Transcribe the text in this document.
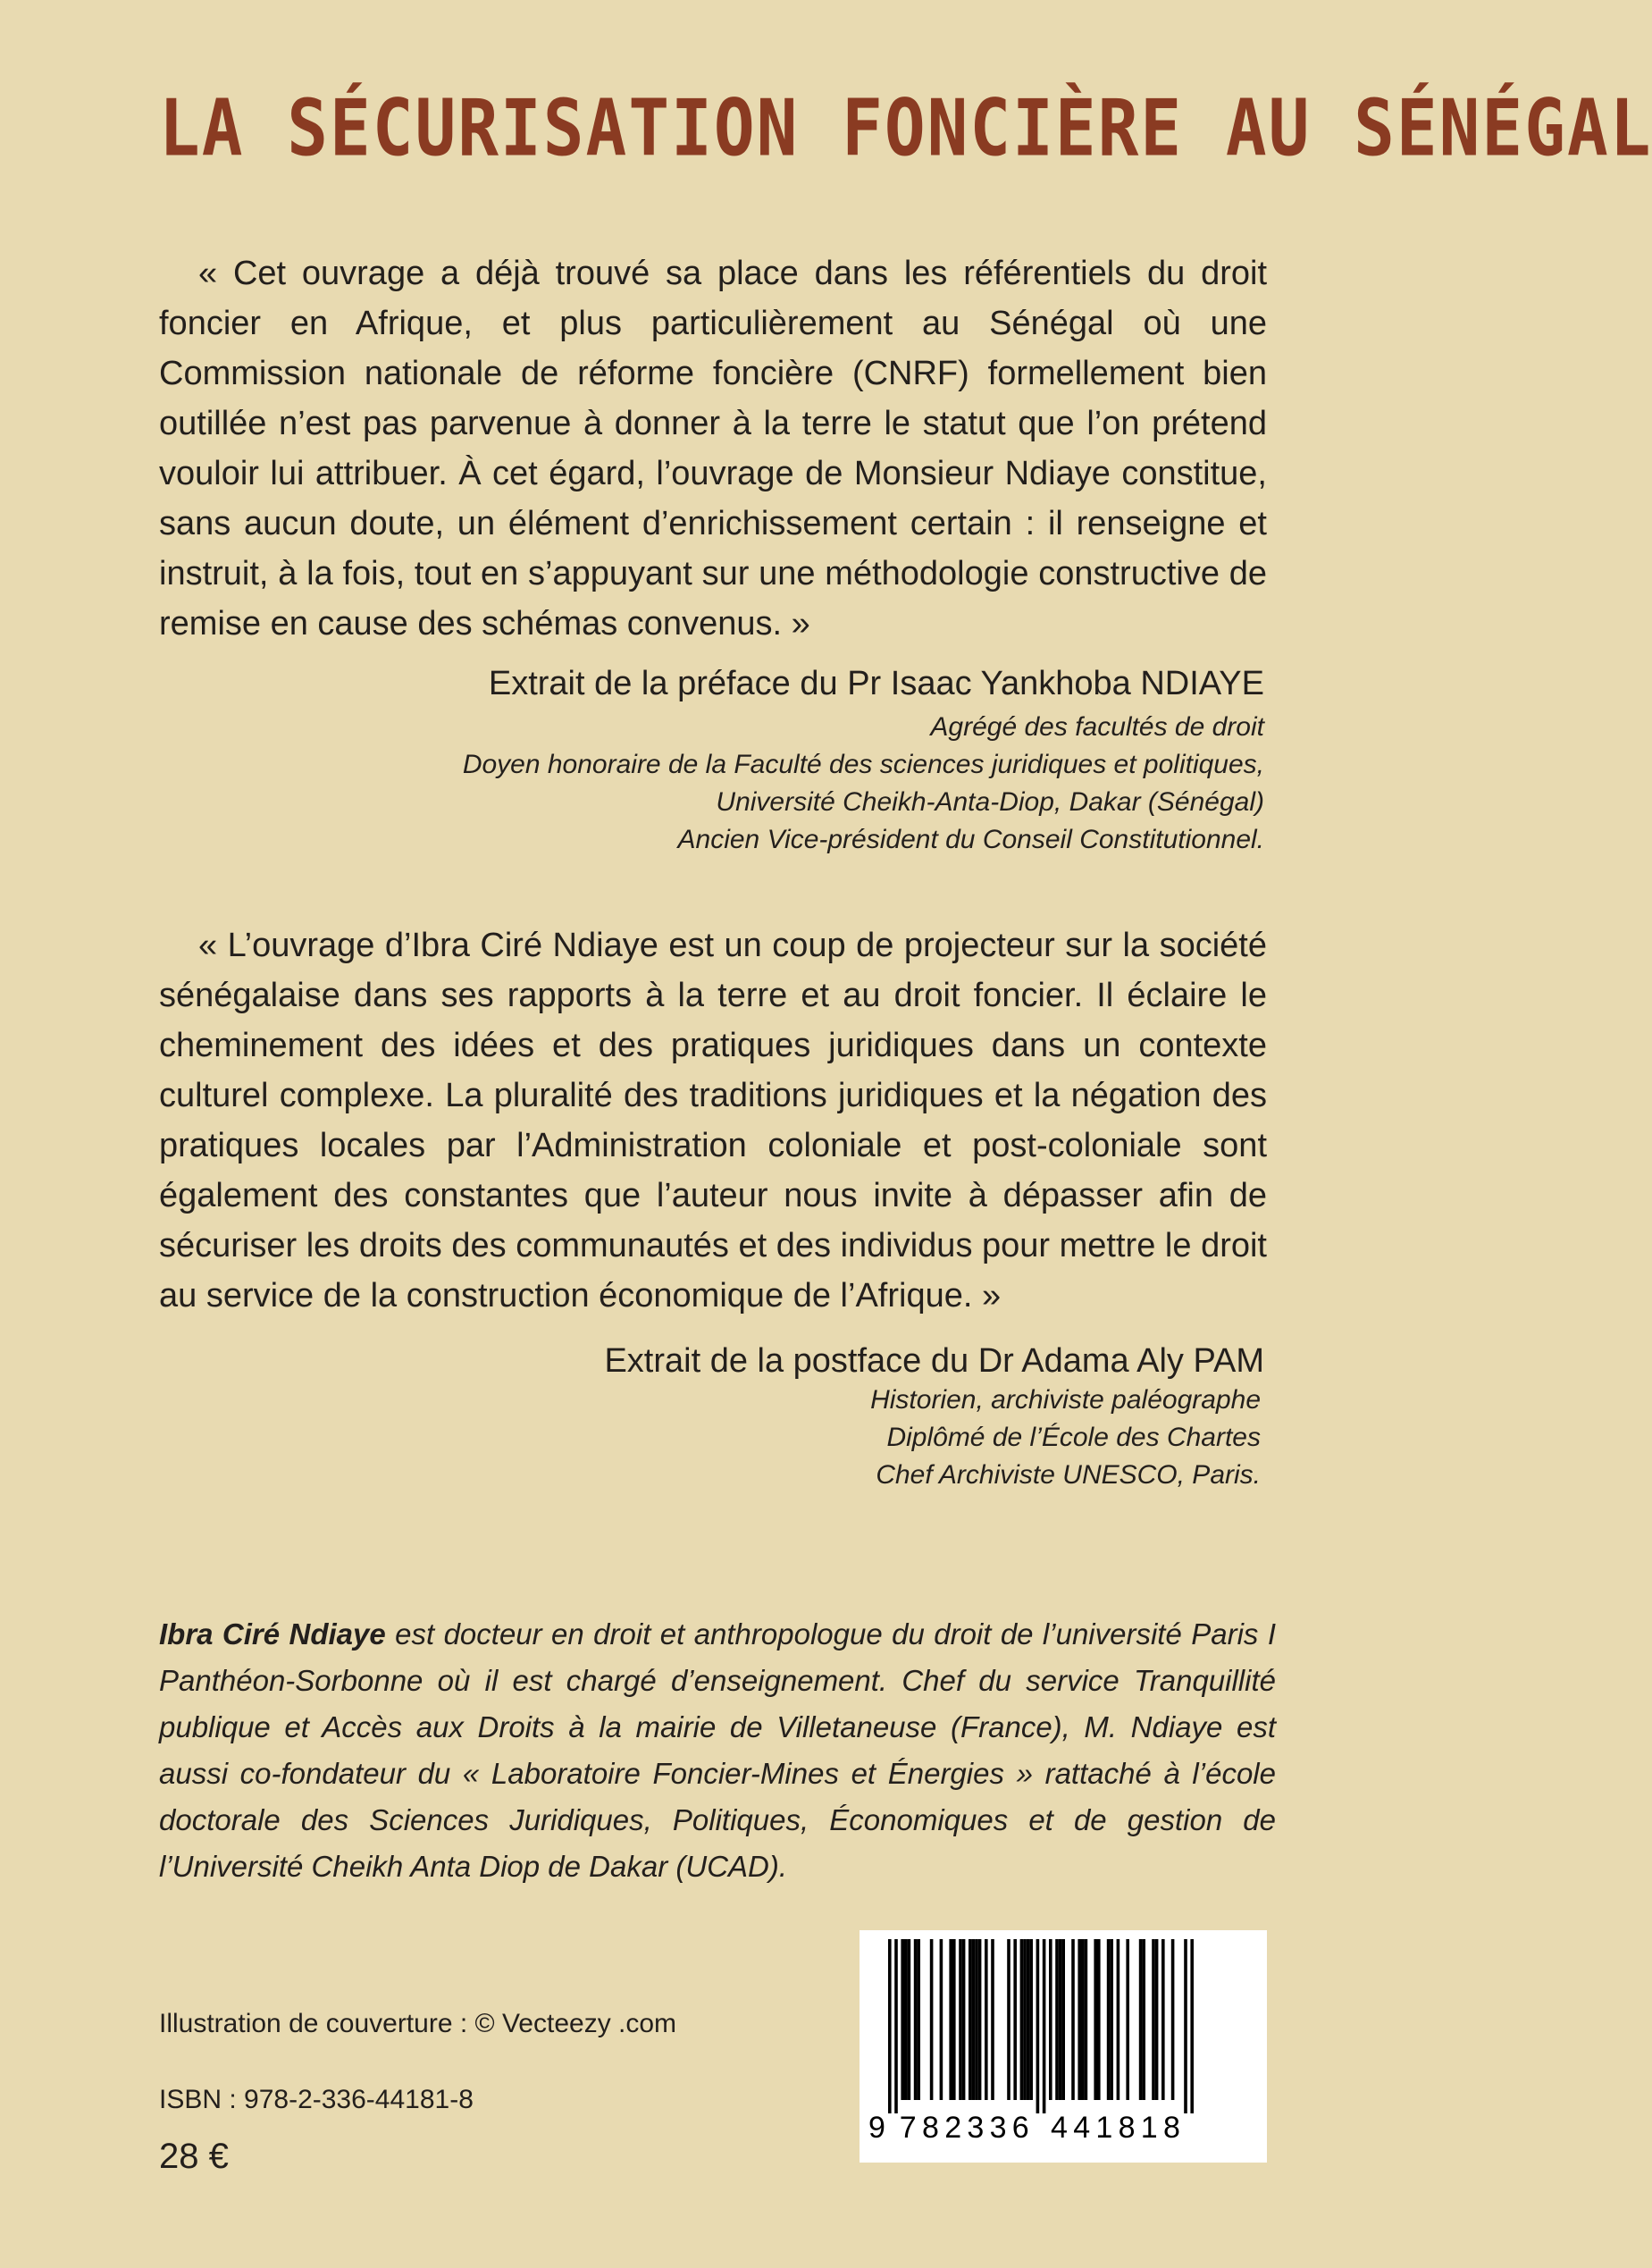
LA SÉCURISATION FONCIÈRE AU SÉNÉGAL
« Cet ouvrage a déjà trouvé sa place dans les référentiels du droit foncier en Afrique, et plus particulièrement au Sénégal où une Commission nationale de réforme foncière (CNRF) formellement bien outillée n’est pas parvenue à donner à la terre le statut que l’on prétend vouloir lui attribuer. À cet égard, l’ouvrage de Monsieur Ndiaye constitue, sans aucun doute, un élément d’enrichissement certain : il renseigne et instruit, à la fois, tout en s’appuyant sur une méthodologie constructive de remise en cause des schémas convenus. »
Extrait de la préface du Pr Isaac Yankhoba NDIAYE
Agrégé des facultés de droit
Doyen honoraire de la Faculté des sciences juridiques et politiques,
Université Cheikh-Anta-Diop, Dakar (Sénégal)
Ancien Vice-président du Conseil Constitutionnel.
« L’ouvrage d’Ibra Ciré Ndiaye est un coup de projecteur sur la société sénégalaise dans ses rapports à la terre et au droit foncier. Il éclaire le cheminement des idées et des pratiques juridiques dans un contexte culturel complexe. La pluralité des traditions juridiques et la négation des pratiques locales par l’Administration coloniale et post-coloniale sont également des constantes que l’auteur nous invite à dépasser afin de sécuriser les droits des communautés et des individus pour mettre le droit au service de la construction économique de l’Afrique. »
Extrait de la postface du Dr Adama Aly PAM
Historien, archiviste paléographe
Diplômé de l’École des Chartes
Chef Archiviste UNESCO, Paris.
Ibra Ciré Ndiaye est docteur en droit et anthropologue du droit de l’université Paris I Panthéon-Sorbonne où il est chargé d’enseignement. Chef du service Tranquillité publique et Accès aux Droits à la mairie de Villetaneuse (France), M. Ndiaye est aussi co-fondateur du « Laboratoire Foncier-Mines et Énergies » rattaché à l’école doctorale des Sciences Juridiques, Politiques, Économiques et de gestion de l’Université Cheikh Anta Diop de Dakar (UCAD).
Illustration de couverture : © Vecteezy .com
ISBN : 978-2-336-44181-8
28 €
9 7 8 2 3 3 6 4 4 1 8 1 8
